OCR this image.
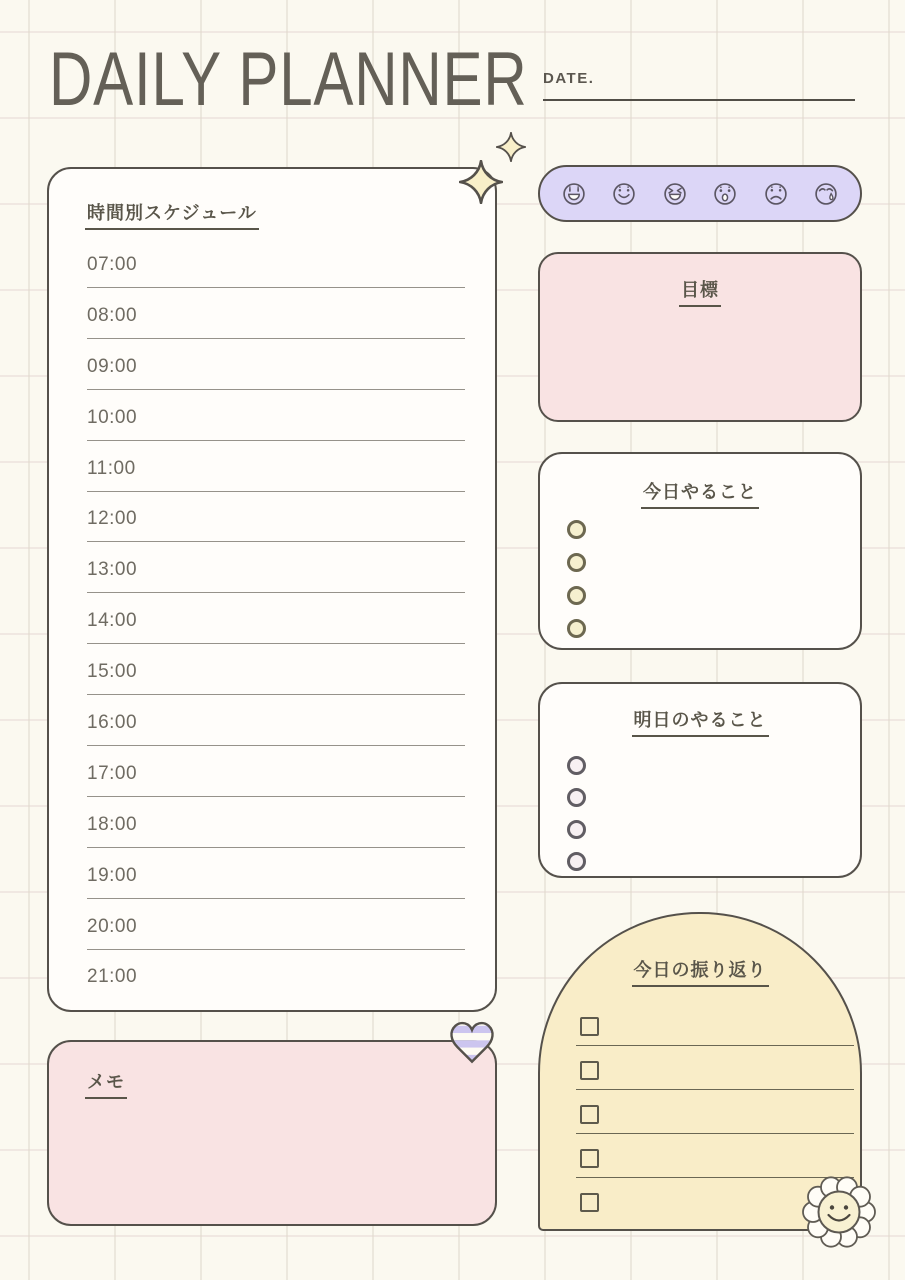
DAILY PLANNER DATE.
時間別スケジュール
07:00
08:00
09:00
10:00
11:00
12:00
13:00
14:00
15:00
16:00
17:00
18:00
19:00
20:00
21:00
目標
今日やること
明日のやること
今日の振り返り
メモ
